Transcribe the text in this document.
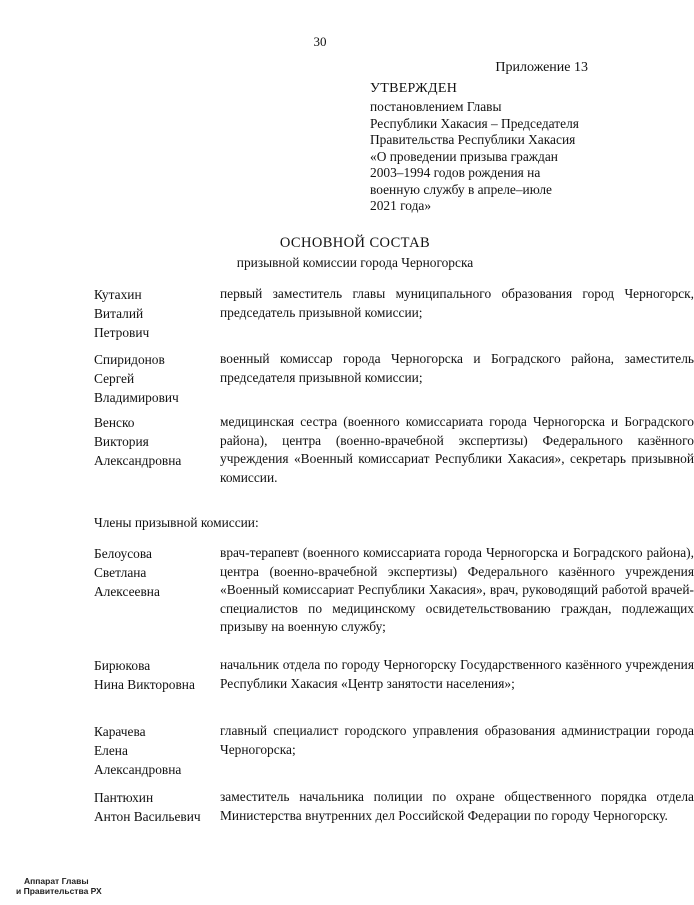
30
Приложение 13
УТВЕРЖДЕН
постановлением Главы
Республики Хакасия – Председателя
Правительства Республики Хакасия
«О проведении призыва граждан
2003–1994 годов рождения на
военную службу в апреле–июле
2021 года»
ОСНОВНОЙ СОСТАВ
призывной комиссии города Черногорска
Кутахин
Виталий
Петрович
первый заместитель главы муниципального образования город Черногорск, председатель призывной комиссии;
Спиридонов
Сергей
Владимирович
военный комиссар города Черногорска и Боградского района, заместитель председателя призывной комиссии;
Венско
Виктория
Александровна
медицинская сестра (военного комиссариата города Черногорска и Боградского района), центра (военно-врачебной экспертизы) Федерального казённого учреждения «Военный комиссариат Республики Хакасия», секретарь призывной комиссии.
Члены призывной комиссии:
Белоусова
Светлана
Алексеевна
врач-терапевт (военного комиссариата города Черногорска и Боградского района), центра (военно-врачебной экспертизы) Федерального казённого учреждения «Военный комиссариат Республики Хакасия», врач, руководящий работой врачей-специалистов по медицинскому освидетельствованию граждан, подлежащих призыву на военную службу;
Бирюкова
Нина Викторовна
начальник отдела по городу Черногорску Государственного казённого учреждения Республики Хакасия «Центр занятости населения»;
Карачева
Елена
Александровна
главный специалист городского управления образования администрации города Черногорска;
Пантюхин
Антон Васильевич
заместитель начальника полиции по охране общественного порядка отдела Министерства внутренних дел Российской Федерации по городу Черногорску.
Аппарат Главы
и Правительства РХ
